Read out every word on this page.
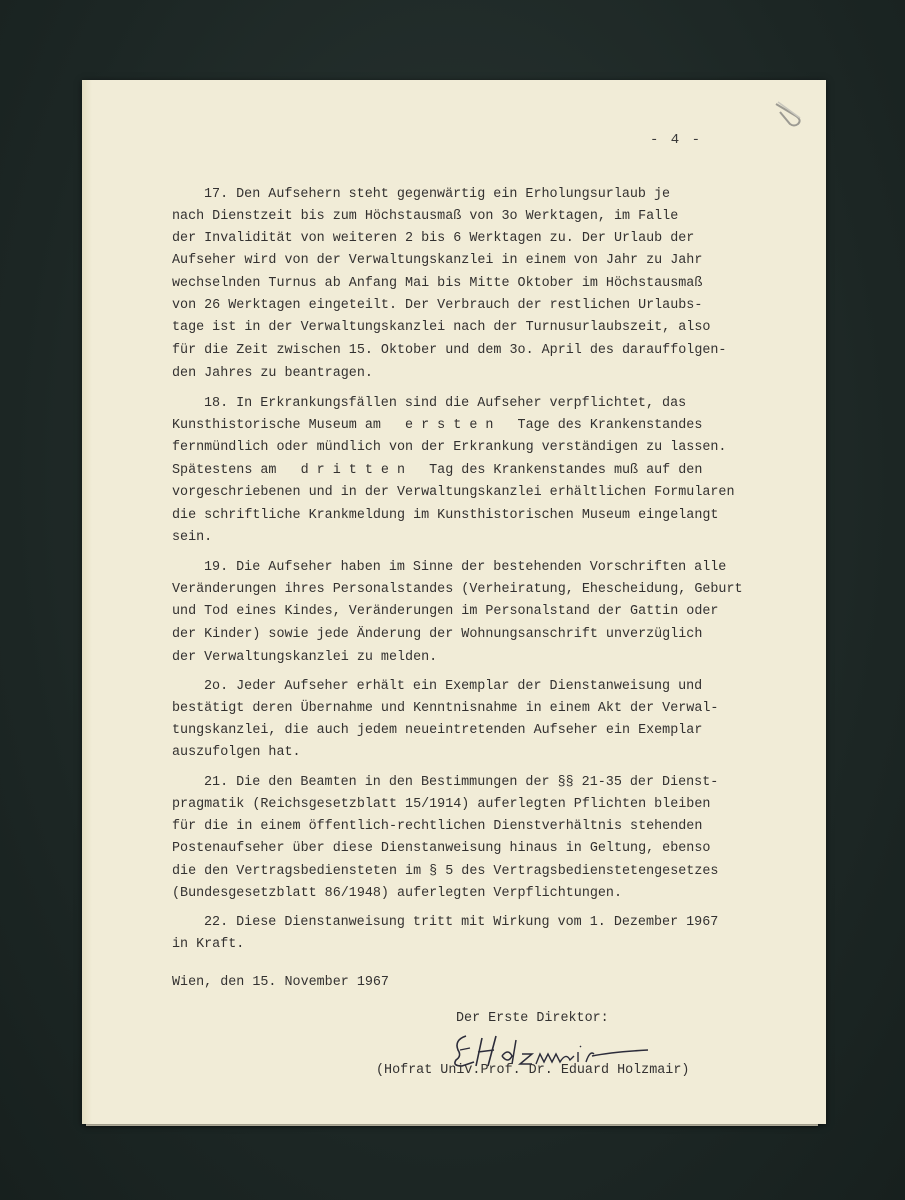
- 4 -
17. Den Aufsehern steht gegenwärtig ein Erholungsurlaub je
nach Dienstzeit bis zum Höchstausmaß von 3o Werktagen, im Falle
der Invalidität von weiteren 2 bis 6 Werktagen zu. Der Urlaub der
Aufseher wird von der Verwaltungskanzlei in einem von Jahr zu Jahr
wechselnden Turnus ab Anfang Mai bis Mitte Oktober im Höchstausmaß
von 26 Werktagen eingeteilt. Der Verbrauch der restlichen Urlaubs-
tage ist in der Verwaltungskanzlei nach der Turnusurlaubszeit, also
für die Zeit zwischen 15. Oktober und dem 3o. April des darauffolgen-
den Jahres zu beantragen.
18. In Erkrankungsfällen sind die Aufseher verpflichtet, das
Kunsthistorische Museum am   e r s t e n   Tage des Krankenstandes
fernmündlich oder mündlich von der Erkrankung verständigen zu lassen.
Spätestens am   d r i t t e n   Tag des Krankenstandes muß auf den
vorgeschriebenen und in der Verwaltungskanzlei erhältlichen Formularen
die schriftliche Krankmeldung im Kunsthistorischen Museum eingelangt
sein.
19. Die Aufseher haben im Sinne der bestehenden Vorschriften alle
Veränderungen ihres Personalstandes (Verheiratung, Ehescheidung, Geburt
und Tod eines Kindes, Veränderungen im Personalstand der Gattin oder
der Kinder) sowie jede Änderung der Wohnungsanschrift unverzüglich
der Verwaltungskanzlei zu melden.
2o. Jeder Aufseher erhält ein Exemplar der Dienstanweisung und
bestätigt deren Übernahme und Kenntnisnahme in einem Akt der Verwal-
tungskanzlei, die auch jedem neueintretenden Aufseher ein Exemplar
auszufolgen hat.
21. Die den Beamten in den Bestimmungen der §§ 21-35 der Dienst-
pragmatik (Reichsgesetzblatt 15/1914) auferlegten Pflichten bleiben
für die in einem öffentlich-rechtlichen Dienstverhältnis stehenden
Postenaufseher über diese Dienstanweisung hinaus in Geltung, ebenso
die den Vertragsbediensteten im § 5 des Vertragsbedienstetengesetzes
(Bundesgesetzblatt 86/1948) auferlegten Verpflichtungen.
22. Diese Dienstanweisung tritt mit Wirkung vom 1. Dezember 1967
in Kraft.
Wien, den 15. November 1967
Der Erste Direktor:
(Hofrat Univ.Prof. Dr. Eduard Holzmair)
